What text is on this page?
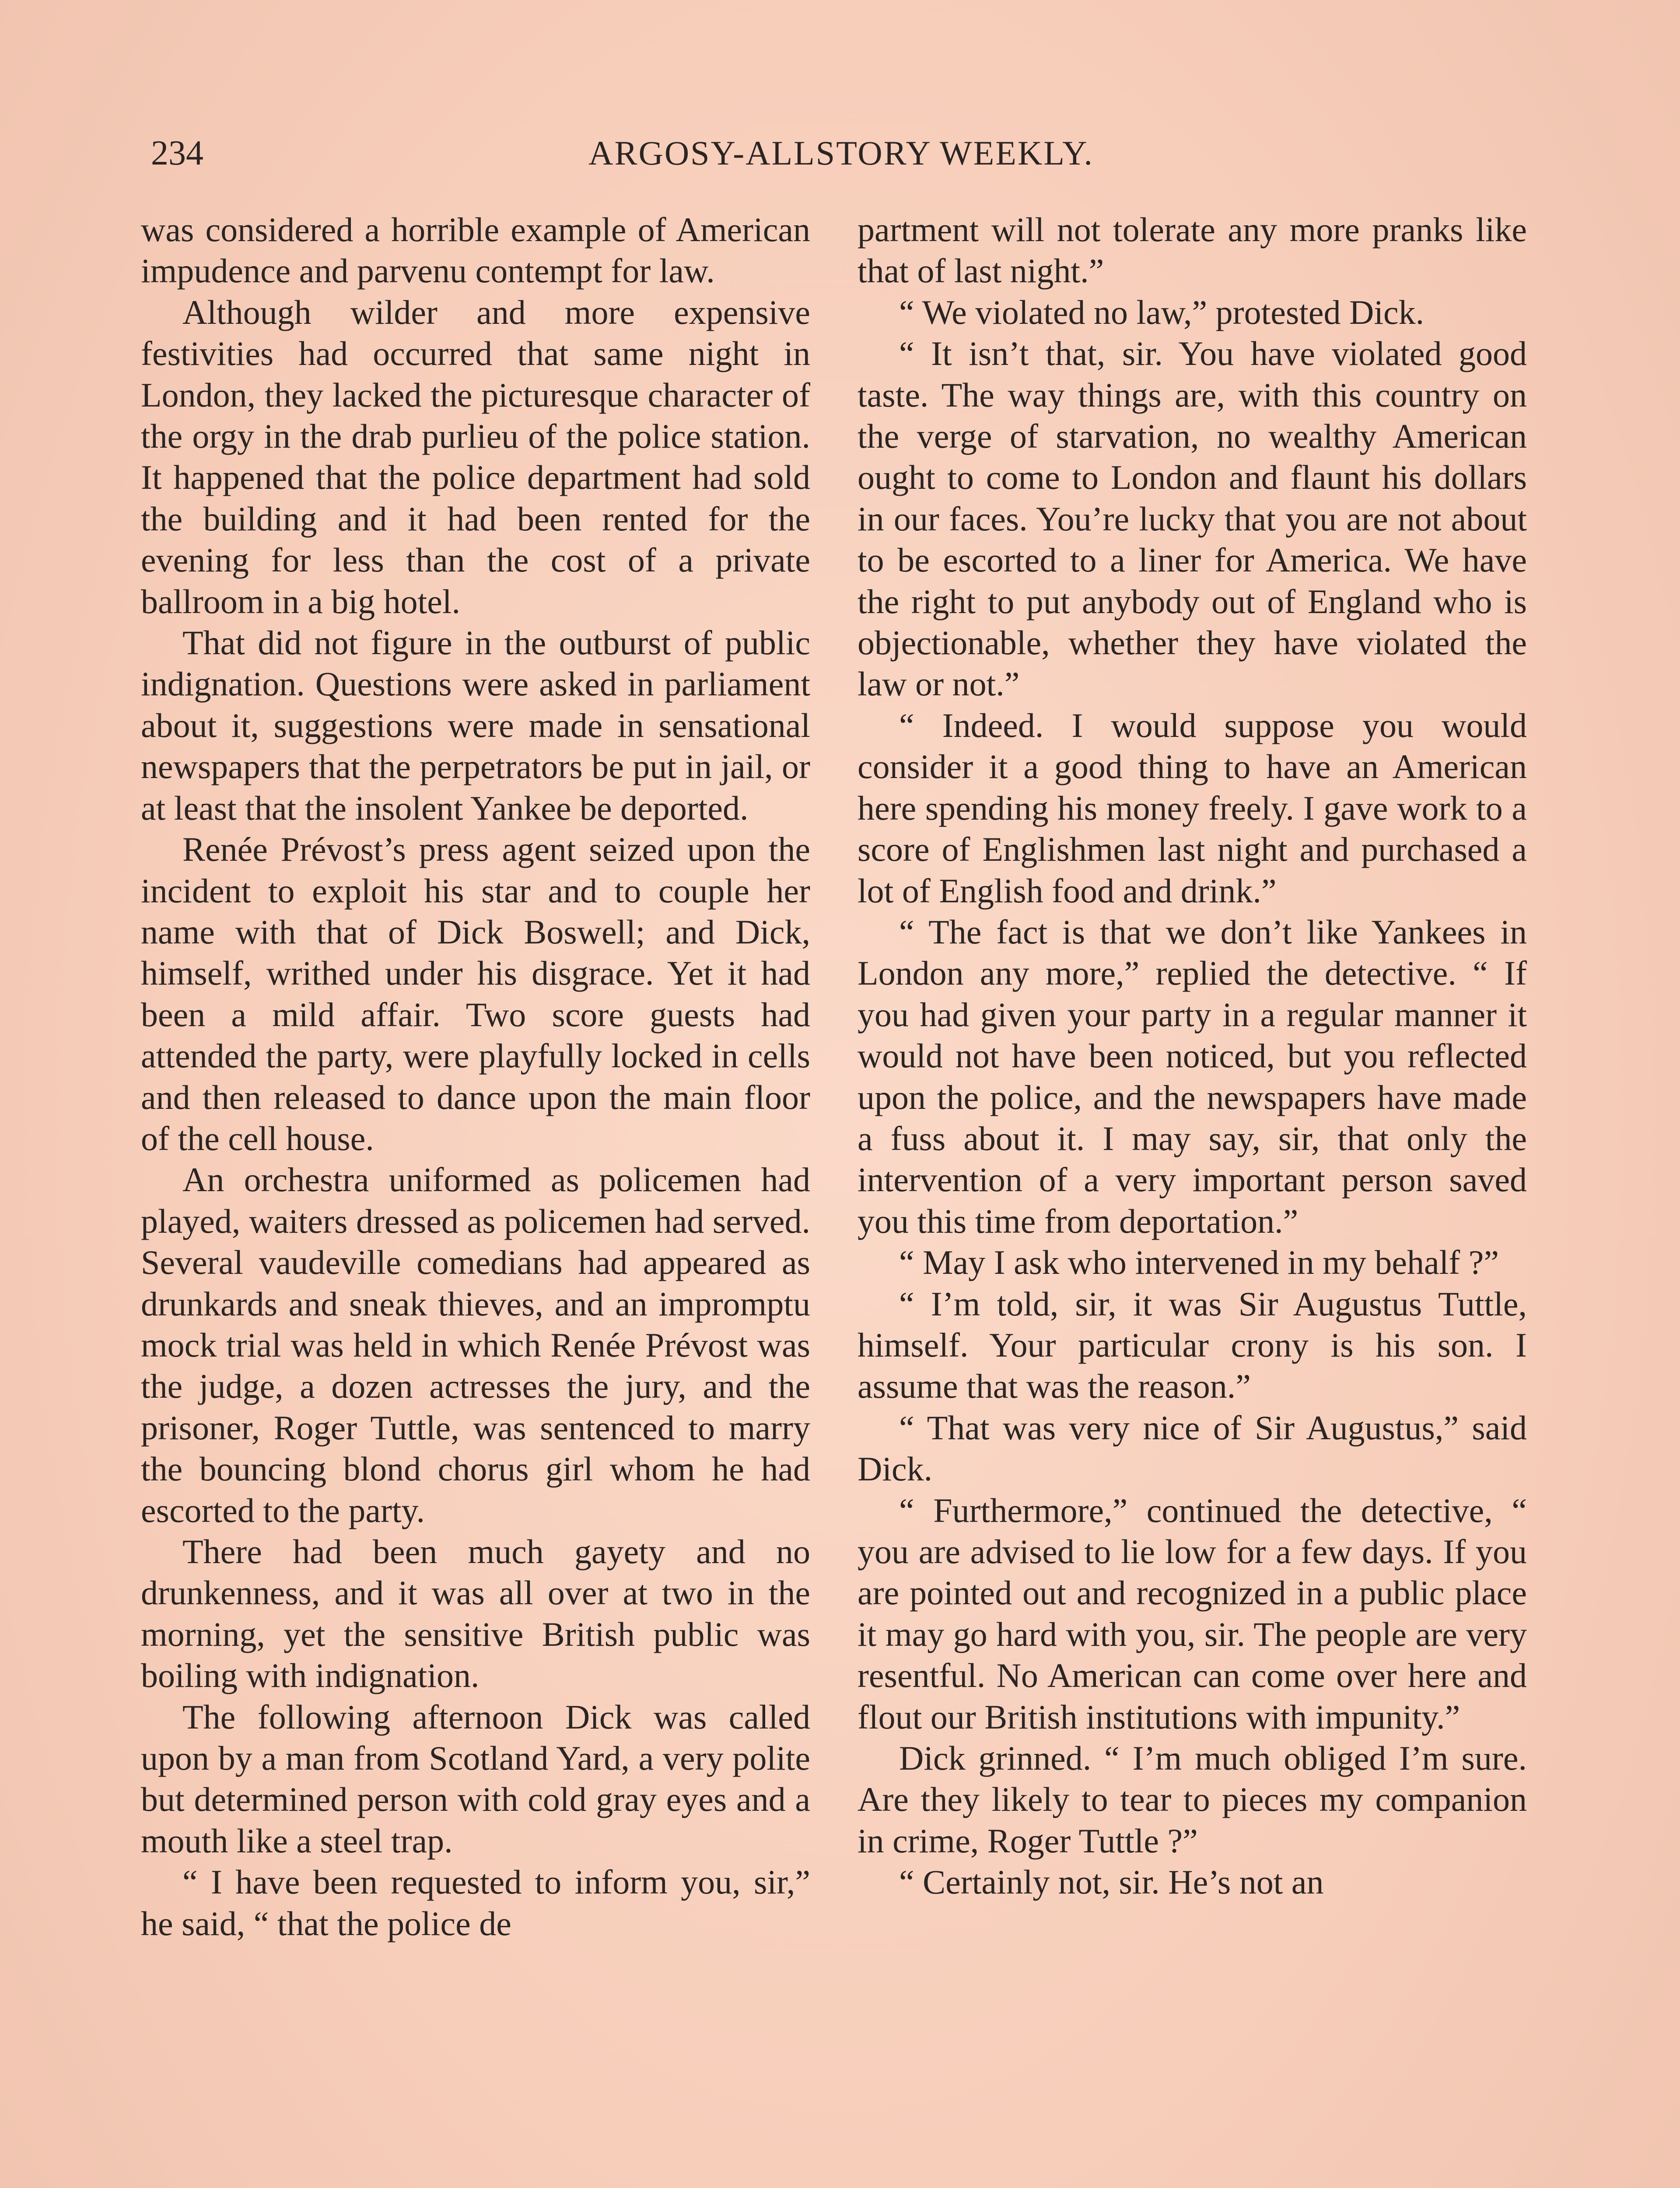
234	ARGOSY-ALLSTORY WEEKLY.

was considered a horrible example of American impudence and parvenu contempt for law.

Although wilder and more expensive festivities had occurred that same night in London, they lacked the picturesque character of the orgy in the drab purlieu of the police station. It happened that the police department had sold the building and it had been rented for the evening for less than the cost of a private ballroom in a big hotel.

That did not figure in the outburst of public indignation. Questions were asked in parliament about it, suggestions were made in sensational newspapers that the perpetrators be put in jail, or at least that the insolent Yankee be deported.

Renée Prévost’s press agent seized upon the incident to exploit his star and to couple her name with that of Dick Boswell; and Dick, himself, writhed under his disgrace. Yet it had been a mild affair. Two score guests had attended the party, were playfully locked in cells and then released to dance upon the main floor of the cell house.

An orchestra uniformed as policemen had played, waiters dressed as policemen had served. Several vaudeville comedians had appeared as drunkards and sneak thieves, and an impromptu mock trial was held in which Renée Prévost was the judge, a dozen actresses the jury, and the prisoner, Roger Tuttle, was sentenced to marry the bouncing blond chorus girl whom he had escorted to the party.

There had been much gayety and no drunkenness, and it was all over at two in the morning, yet the sensitive British public was boiling with indignation.

The following afternoon Dick was called upon by a man from Scotland Yard, a very polite but determined person with cold gray eyes and a mouth like a steel trap.

“ I have been requested to inform you, sir,” he said, “ that the police de

partment will not tolerate any more pranks like that of last night.”

“ We violated no law,” protested Dick.

“ It isn’t that, sir. You have violated good taste. The way things are, with this country on the verge of starvation, no wealthy American ought to come to London and flaunt his dollars in our faces. You’re lucky that you are not about to be escorted to a liner for America. We have the right to put anybody out of England who is objectionable, whether they have violated the law or not.”

“ Indeed. I would suppose you would consider it a good thing to have an American here spending his money freely. I gave work to a score of Englishmen last night and purchased a lot of English food and drink.”

“ The fact is that we don’t like Yankees in London any more,” replied the detective. “ If you had given your party in a regular manner it would not have been noticed, but you reflected upon the police, and the newspapers have made a fuss about it. I may say, sir, that only the intervention of a very important person saved you this time from deportation.”

“ May I ask who intervened in my behalf ?”

“ I’m told, sir, it was Sir Augustus Tuttle, himself. Your particular crony is his son. I assume that was the reason.”

“ That was very nice of Sir Augustus,” said Dick.

“ Furthermore,” continued the detective, “ you are advised to lie low for a few days. If you are pointed out and recognized in a public place it may go hard with you, sir. The people are very resentful. No American can come over here and flout our British institutions with impunity.”

Dick grinned. “ I’m much obliged I’m sure. Are they likely to tear to pieces my companion in crime, Roger Tuttle ?”

“ Certainly not, sir. He’s not an
